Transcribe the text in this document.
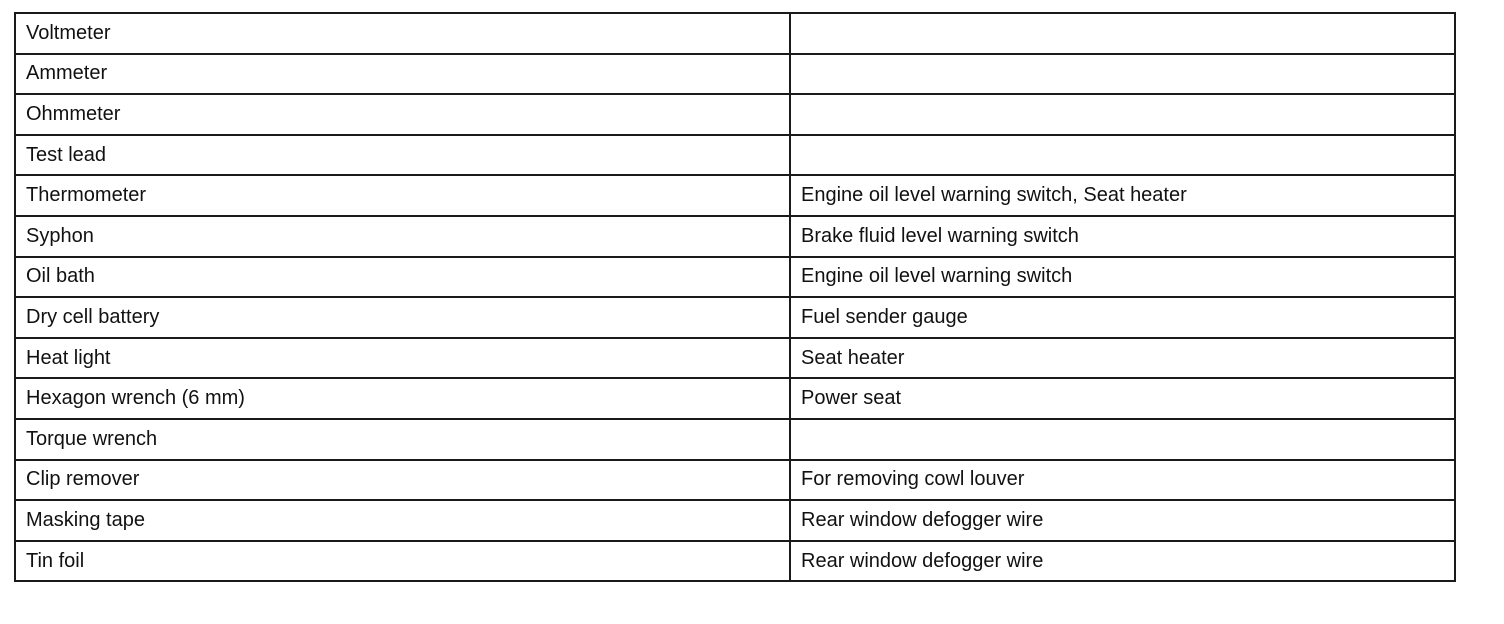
Voltmeter	
Ammeter	
Ohmmeter	
Test lead	
Thermometer	Engine oil level warning switch, Seat heater
Syphon	Brake fluid level warning switch
Oil bath	Engine oil level warning switch
Dry cell battery	Fuel sender gauge
Heat light	Seat heater
Hexagon wrench (6 mm)	Power seat
Torque wrench	
Clip remover	For removing cowl louver
Masking tape	Rear window defogger wire
Tin foil	Rear window defogger wire
